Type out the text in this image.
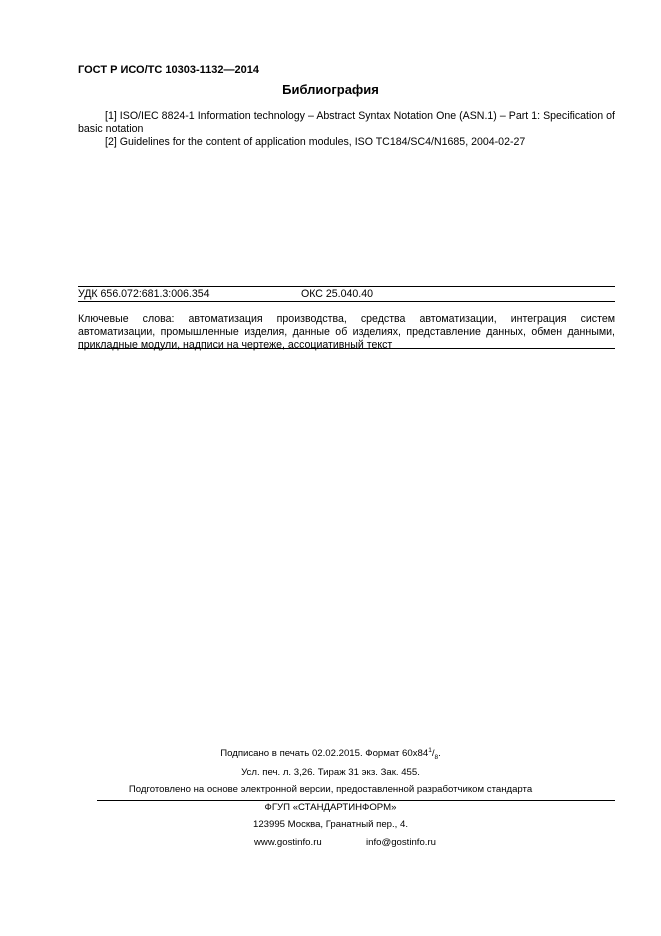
ГОСТ Р ИСО/ТС 10303-1132—2014
Библиография
[1] ISO/IEC 8824-1 Information technology – Abstract Syntax Notation One (ASN.1) – Part 1: Specification of basic notation
[2] Guidelines for the content of application modules, ISO TC184/SC4/N1685, 2004-02-27
УДК 656.072:681.3:006.354	ОКС 25.040.40
Ключевые слова: автоматизация производства, средства автоматизации, интеграция систем автоматизации, промышленные изделия, данные об изделиях, представление данных, обмен данными, прикладные модули, надписи на чертеже, ассоциативный текст
Подписано в печать 02.02.2015. Формат $60х84^1/_8$.
Усл. печ. л. 3,26. Тираж 31 экз. Зак. 455.
Подготовлено на основе электронной версии, предоставленной разработчиком стандарта
ФГУП «СТАНДАРТИНФОРМ»
123995 Москва, Гранатный пер., 4.
www.gostinfo.ru	info@gostinfo.ru
